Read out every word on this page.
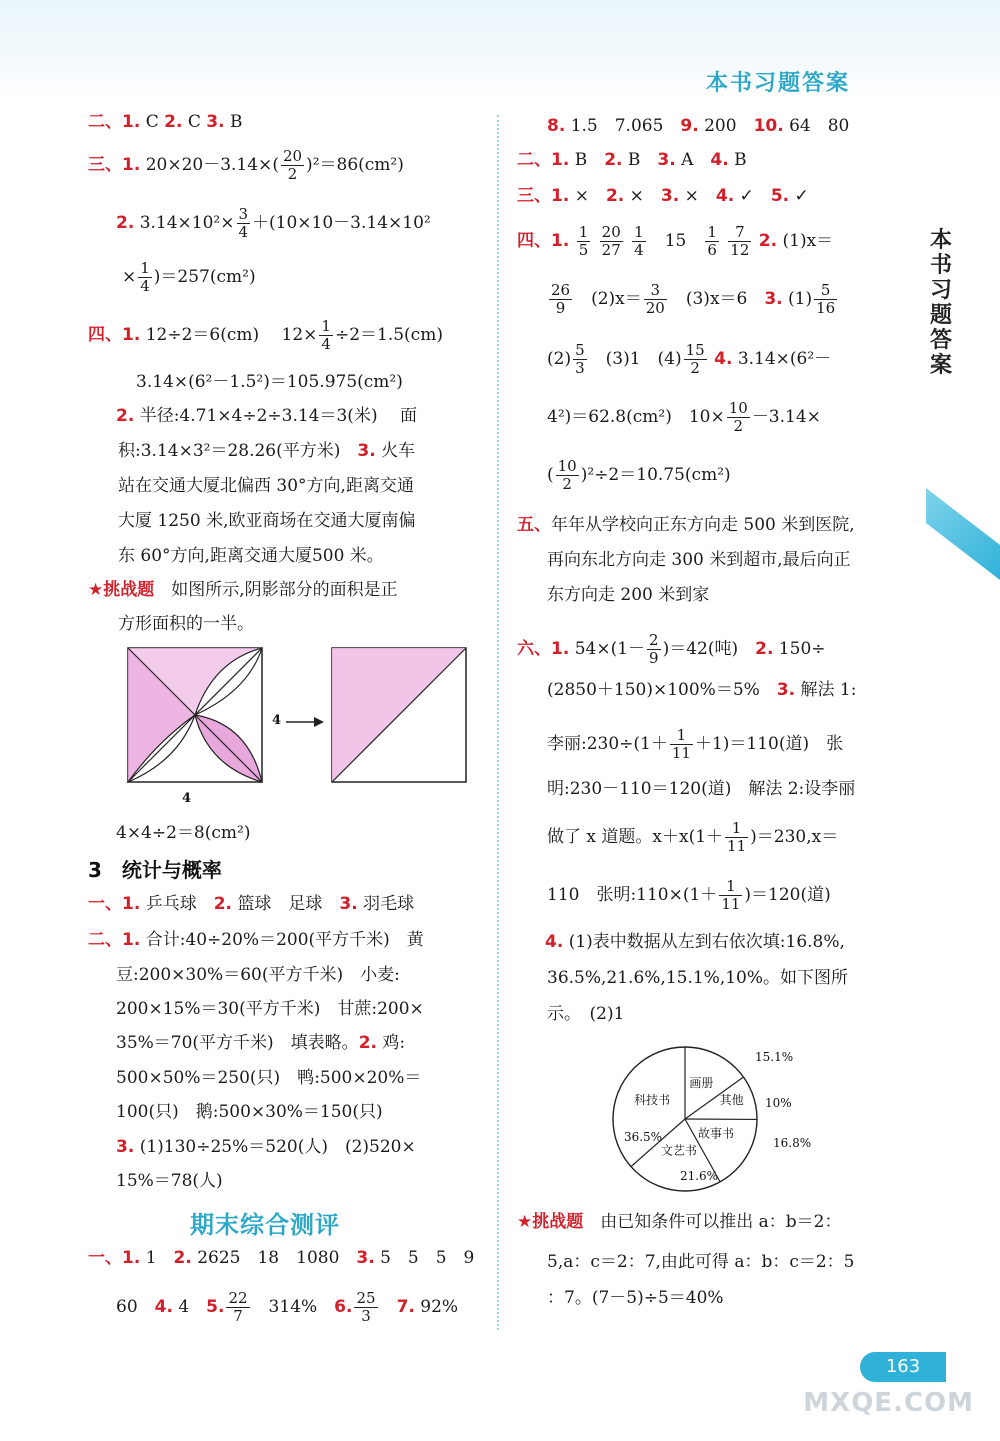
本书习题答案
本书习题答案
二、1. C 2. C 3. B
三、1. $20\times 20-3.14\times( \frac{20}{2} )^2=86(cm^2)$
2. $3.14\times 10^2\times \frac{3}{4} +(10\times 10-3.14\times 10^2$
× $\frac{1}{4} )=257(cm^2)$
四、1. 12÷2＝6(cm)　 $12\times \frac{1}{4} \div 2=1.5(cm)$
3.14×(6²－1.5²)＝105.975(cm²)
2. 半径:4.71×4÷2÷3.14＝3(米)　 面
积:3.14×3²＝28.26(平方米)　3. 火车
站在交通大厦北偏西 30°方向,距离交通
大厦 1250 米,欧亚商场在交通大厦南偏
东 60°方向,距离交通大厦500 米。
★挑战题　如图所示,阴影部分的面积是正
方形面积的一半。
4
4
4×4÷2＝8(cm²)
3　统计与概率
一、1. 乒乓球　2. 篮球　足球　3. 羽毛球
二、1. 合计:40÷20%＝200(平方千米)　黄
豆:200×30%＝60(平方千米)　小麦:
200×15%＝30(平方千米)　甘蔗:200×
35%＝70(平方千米)　填表略。2. 鸡:
500×50%＝250(只)　鸭:500×20%＝
100(只)　鹅:500×30%＝150(只)
3. (1)130÷25%＝520(人)　(2)520×
15%＝78(人)
一、1. 1　2. 2625　18　1080　3. 5　5　5　9
60　4. 4　5. $\frac{22}{7}$ 　314%　6. $\frac{25}{3}$
　 7. 92%
期末综合测评
8. 1.5　7.065　9. 200　10. 64　80
二、1. B　2. B　3. A　4. B
三、1. ×　2. ×　3. ×　4. ✓　5. ✓
四、1. $\frac{1}{5}$
$\frac{20}{27}$
$\frac{1}{4}$ 　15　 $\frac{1}{6}$
$\frac{7}{12} 2$. (1)x＝
$\frac{26}{9}$ 　$(2)x= \frac{3}{20}$ 　(3)x＝6　3. $(1) \frac{5}{16}$
$(2) \frac{5}{3}$ 　(3)1　$(4) \frac{15}{2} 4$. 3.14×(6²－
4²)＝62.8(cm²)　$10\times \frac{10}{2} -3.14\times$
( $\frac{10}{2} )^2\div 2=10.75(cm^2)$
五、年年从学校向正东方向走 500 米到医院,
再向东北方向走 300 米到超市,最后向正
东方向走 200 米到家
六、1. $54\times(1- \frac{2}{9} )=42$(吨)　2. 150÷
(2850＋150)×100%＝5%　3. 解法 1:
李丽:230÷(1＋ $\frac{1}{11} +1)=110$(道)　张
明:230－110＝120(道)　解法 2:设李丽
做了 x 道题。$x+x(1+ \frac{1}{11} )=230,x=$
110　张明:110×(1＋ $\frac{1}{11} )=120$(道)
4. (1)表中数据从左到右依次填:16.8%,
36.5%,21.6%,15.1%,10%。如下图所
示。　(2)1
画册
其他
故事书
文艺书
科技书
36.5%
21.6%
15.1%
10%
16.8%
★挑战题　由已知条件可以推出 a：b＝2：
5,a：c＝2：7,由此可得 a：b：c＝2：5
：7。(7－5)÷5＝40%
163
MXQE.COM
